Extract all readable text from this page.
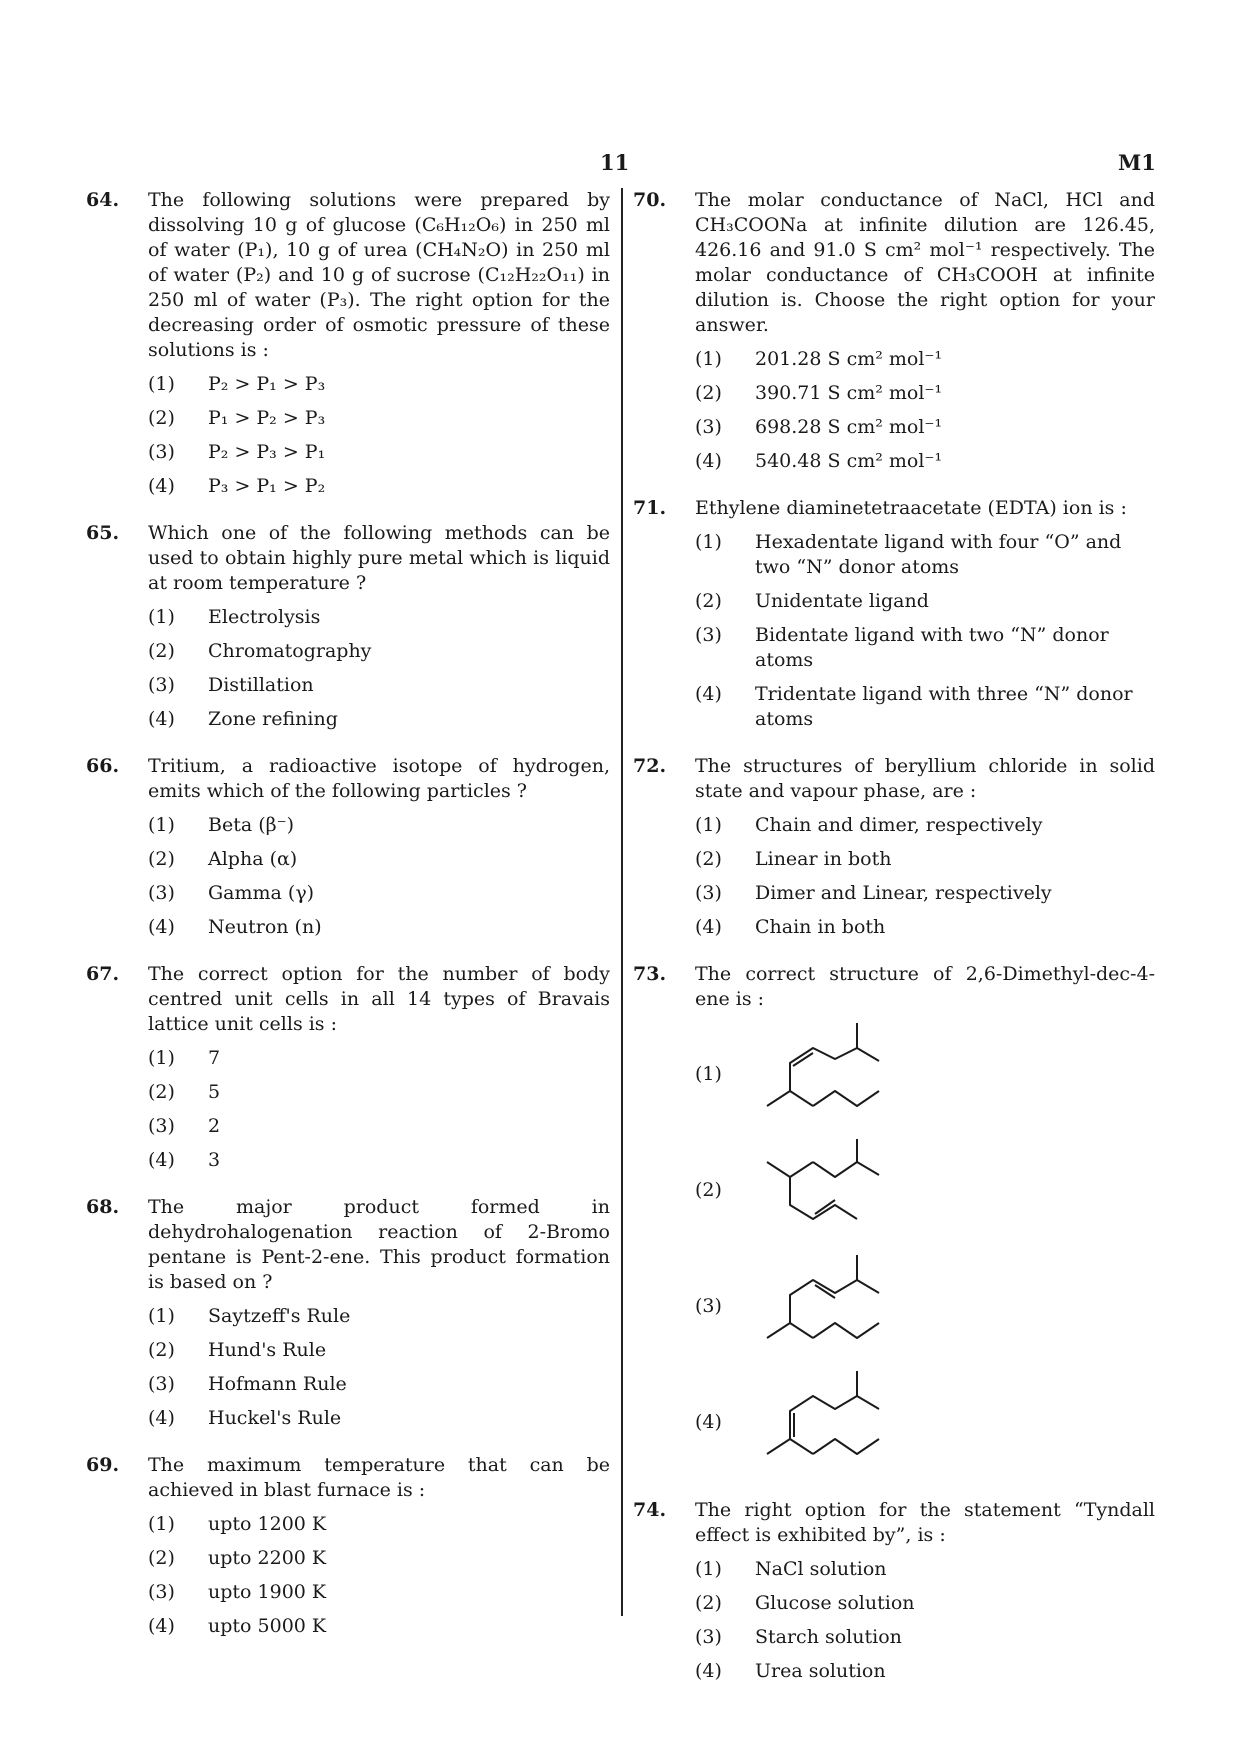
11	M1
64. The following solutions were prepared by dissolving 10 g of glucose (C₆H₁₂O₆) in 250 ml of water (P₁), 10 g of urea (CH₄N₂O) in 250 ml of water (P₂) and 10 g of sucrose (C₁₂H₂₂O₁₁) in 250 ml of water (P₃). The right option for the decreasing order of osmotic pressure of these solutions is :
(1) P₂ > P₁ > P₃
(2) P₁ > P₂ > P₃
(3) P₂ > P₃ > P₁
(4) P₃ > P₁ > P₂
65. Which one of the following methods can be used to obtain highly pure metal which is liquid at room temperature ?
(1) Electrolysis
(2) Chromatography
(3) Distillation
(4) Zone refining
66. Tritium, a radioactive isotope of hydrogen, emits which of the following particles ?
(1) Beta (β⁻)
(2) Alpha (α)
(3) Gamma (γ)
(4) Neutron (n)
67. The correct option for the number of body centred unit cells in all 14 types of Bravais lattice unit cells is :
(1) 7
(2) 5
(3) 2
(4) 3
68. The major product formed in dehydrohalogenation reaction of 2-Bromo pentane is Pent-2-ene. This product formation is based on ?
(1) Saytzeff's Rule
(2) Hund's Rule
(3) Hofmann Rule
(4) Huckel's Rule
69. The maximum temperature that can be achieved in blast furnace is :
(1) upto 1200 K
(2) upto 2200 K
(3) upto 1900 K
(4) upto 5000 K
70. The molar conductance of NaCl, HCl and CH₃COONa at infinite dilution are 126.45, 426.16 and 91.0 S cm² mol⁻¹ respectively. The molar conductance of CH₃COOH at infinite dilution is. Choose the right option for your answer.
(1) 201.28 S cm² mol⁻¹
(2) 390.71 S cm² mol⁻¹
(3) 698.28 S cm² mol⁻¹
(4) 540.48 S cm² mol⁻¹
71. Ethylene diaminetetraacetate (EDTA) ion is :
(1) Hexadentate ligand with four “O” and two “N” donor atoms
(2) Unidentate ligand
(3) Bidentate ligand with two “N” donor atoms
(4) Tridentate ligand with three “N” donor atoms
72. The structures of beryllium chloride in solid state and vapour phase, are :
(1) Chain and dimer, respectively
(2) Linear in both
(3) Dimer and Linear, respectively
(4) Chain in both
73. The correct structure of 2,6-Dimethyl-dec-4-ene is :
(1)
(2)
(3)
(4)
74. The right option for the statement “Tyndall effect is exhibited by”, is :
(1) NaCl solution
(2) Glucose solution
(3) Starch solution
(4) Urea solution
